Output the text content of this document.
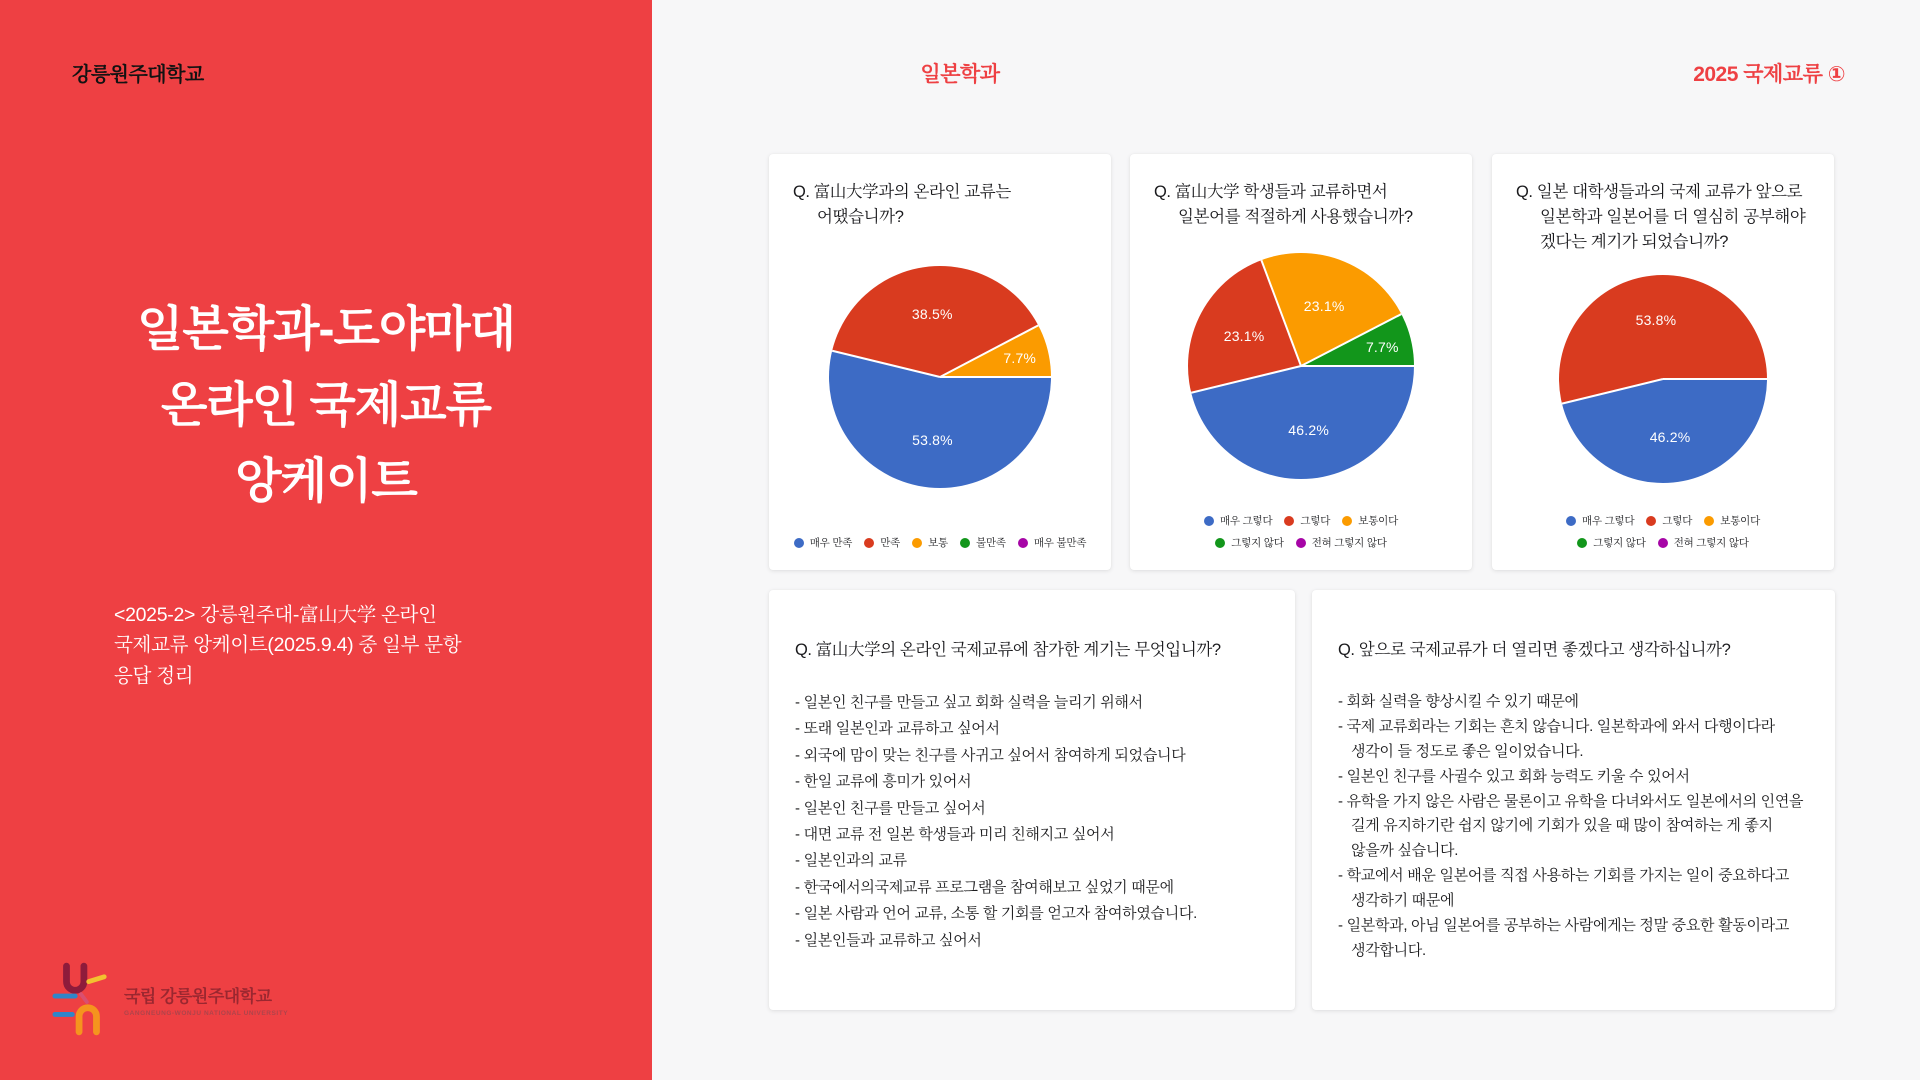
강릉원주대학교
일본학과-도야마대
온라인 국제교류
앙케이트
<2025-2> 강릉원주대-富山大学 온라인
국제교류 앙케이트(2025.9.4) 중 일부 문항
응답 정리
국립 강릉원주대학교
GANGNEUNG-WONJU NATIONAL UNIVERSITY
일본학과	2025 국제교류 ①
Q. 富山大学과의 온라인 교류는 어땠습니까?
53.8%
38.5%
7.7%
매우 만족	만족	보통	불만족	매우 불만족
Q. 富山大学 학생들과 교류하면서 일본어를 적절하게 사용했습니까?
46.2%
23.1%
23.1%
7.7%
매우 그렇다	그렇다	보통이다
그렇지 않다	전혀 그렇지 않다
Q. 일본 대학생들과의 국제 교류가 앞으로 일본학과 일본어를 더 열심히 공부해야 겠다는 계기가 되었습니까?
46.2%
53.8%
매우 그렇다	그렇다	보통이다
그렇지 않다	전혀 그렇지 않다
Q. 富山大学의 온라인 국제교류에 참가한 계기는 무엇입니까?
- 일본인 친구를 만들고 싶고 회화 실력을 늘리기 위해서
- 또래 일본인과 교류하고 싶어서
- 외국에 맘이 맞는 친구를 사귀고 싶어서 참여하게 되었습니다
- 한일 교류에 흥미가 있어서
- 일본인 친구를 만들고 싶어서
- 대면 교류 전 일본 학생들과 미리 친해지고 싶어서
- 일본인과의 교류
- 한국에서의국제교류 프로그램을 참여해보고 싶었기 때문에
- 일본 사람과 언어 교류, 소통 할 기회를 얻고자 참여하였습니다.
- 일본인들과 교류하고 싶어서
Q. 앞으로 국제교류가 더 열리면 좋겠다고 생각하십니까?
- 회화 실력을 향상시킬 수 있기 때문에
- 국제 교류회라는 기회는 흔치 않습니다. 일본학과에 와서 다행이다라 생각이 들 정도로 좋은 일이었습니다.
- 일본인 친구를 사귈수 있고 회화 능력도 키울 수 있어서
- 유학을 가지 않은 사람은 물론이고 유학을 다녀와서도 일본에서의 인연을 길게 유지하기란 쉽지 않기에 기회가 있을 때 많이 참여하는 게 좋지 않을까 싶습니다.
- 학교에서 배운 일본어를 직접 사용하는 기회를 가지는 일이 중요하다고 생각하기 때문에
- 일본학과, 아님 일본어를 공부하는 사람에게는 정말 중요한 활동이라고 생각합니다.
